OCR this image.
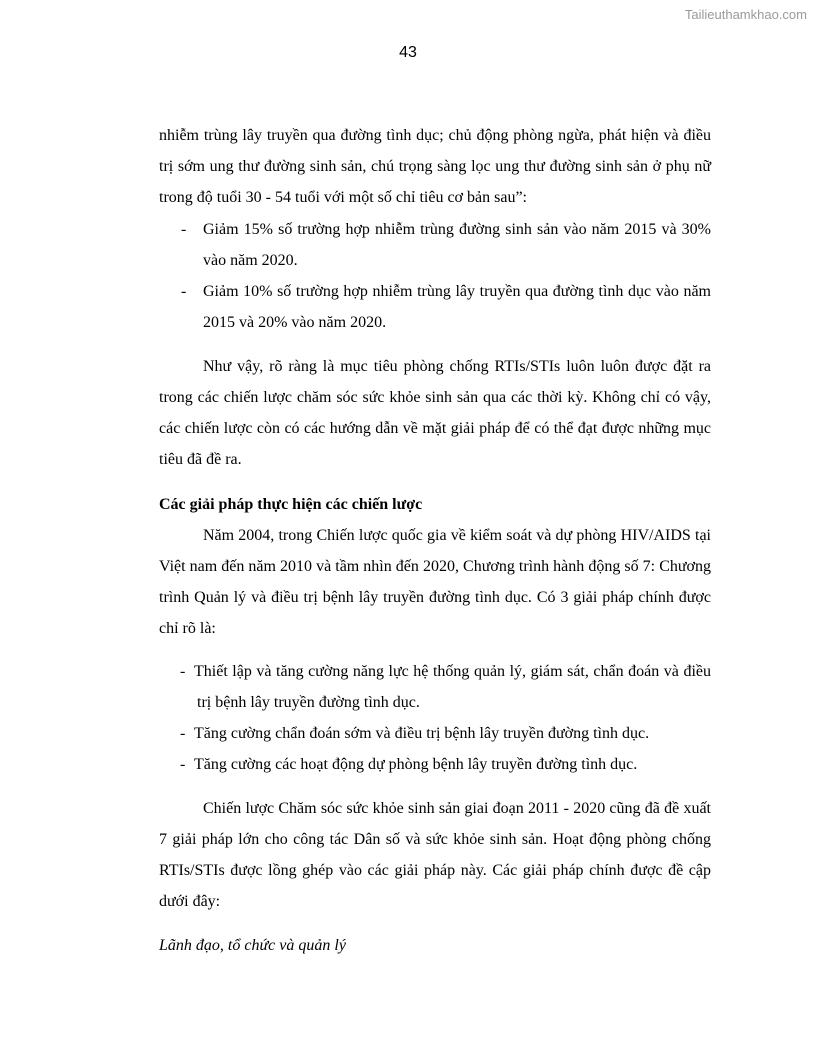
Tailieuthamkhao.com
43

nhiễm trùng lây truyền qua đường tình dục; chủ động phòng ngừa, phát hiện và điều trị sớm ung thư đường sinh sản, chú trọng sàng lọc ung thư đường sinh sản ở phụ nữ trong độ tuổi 30 - 54 tuổi với một số chỉ tiêu cơ bản sau”:

- Giảm 15% số trường hợp nhiễm trùng đường sinh sản vào năm 2015 và 30% vào năm 2020.
- Giảm 10% số trường hợp nhiễm trùng lây truyền qua đường tình dục vào năm 2015 và 20% vào năm 2020.

Như vậy, rõ ràng là mục tiêu phòng chống RTIs/STIs luôn luôn được đặt ra trong các chiến lược chăm sóc sức khỏe sinh sản qua các thời kỳ. Không chỉ có vậy, các chiến lược còn có các hướng dẫn về mặt giải pháp để có thể đạt được những mục tiêu đã đề ra.

Các giải pháp thực hiện các chiến lược

Năm 2004, trong Chiến lược quốc gia về kiểm soát và dự phòng HIV/AIDS tại Việt nam đến năm 2010 và tầm nhìn đến 2020, Chương trình hành động số 7: Chương trình Quản lý và điều trị bệnh lây truyền đường tình dục. Có 3 giải pháp chính được chỉ rõ là:

- Thiết lập và tăng cường năng lực hệ thống quản lý, giám sát, chẩn đoán và điều trị bệnh lây truyền đường tình dục.
- Tăng cường chẩn đoán sớm và điều trị bệnh lây truyền đường tình dục.
- Tăng cường các hoạt động dự phòng bệnh lây truyền đường tình dục.

Chiến lược Chăm sóc sức khỏe sinh sản giai đoạn 2011 - 2020 cũng đã đề xuất 7 giải pháp lớn cho công tác Dân số và sức khỏe sinh sản. Hoạt động phòng chống RTIs/STIs được lồng ghép vào các giải pháp này. Các giải pháp chính được đề cập dưới đây:

Lãnh đạo, tổ chức và quản lý
